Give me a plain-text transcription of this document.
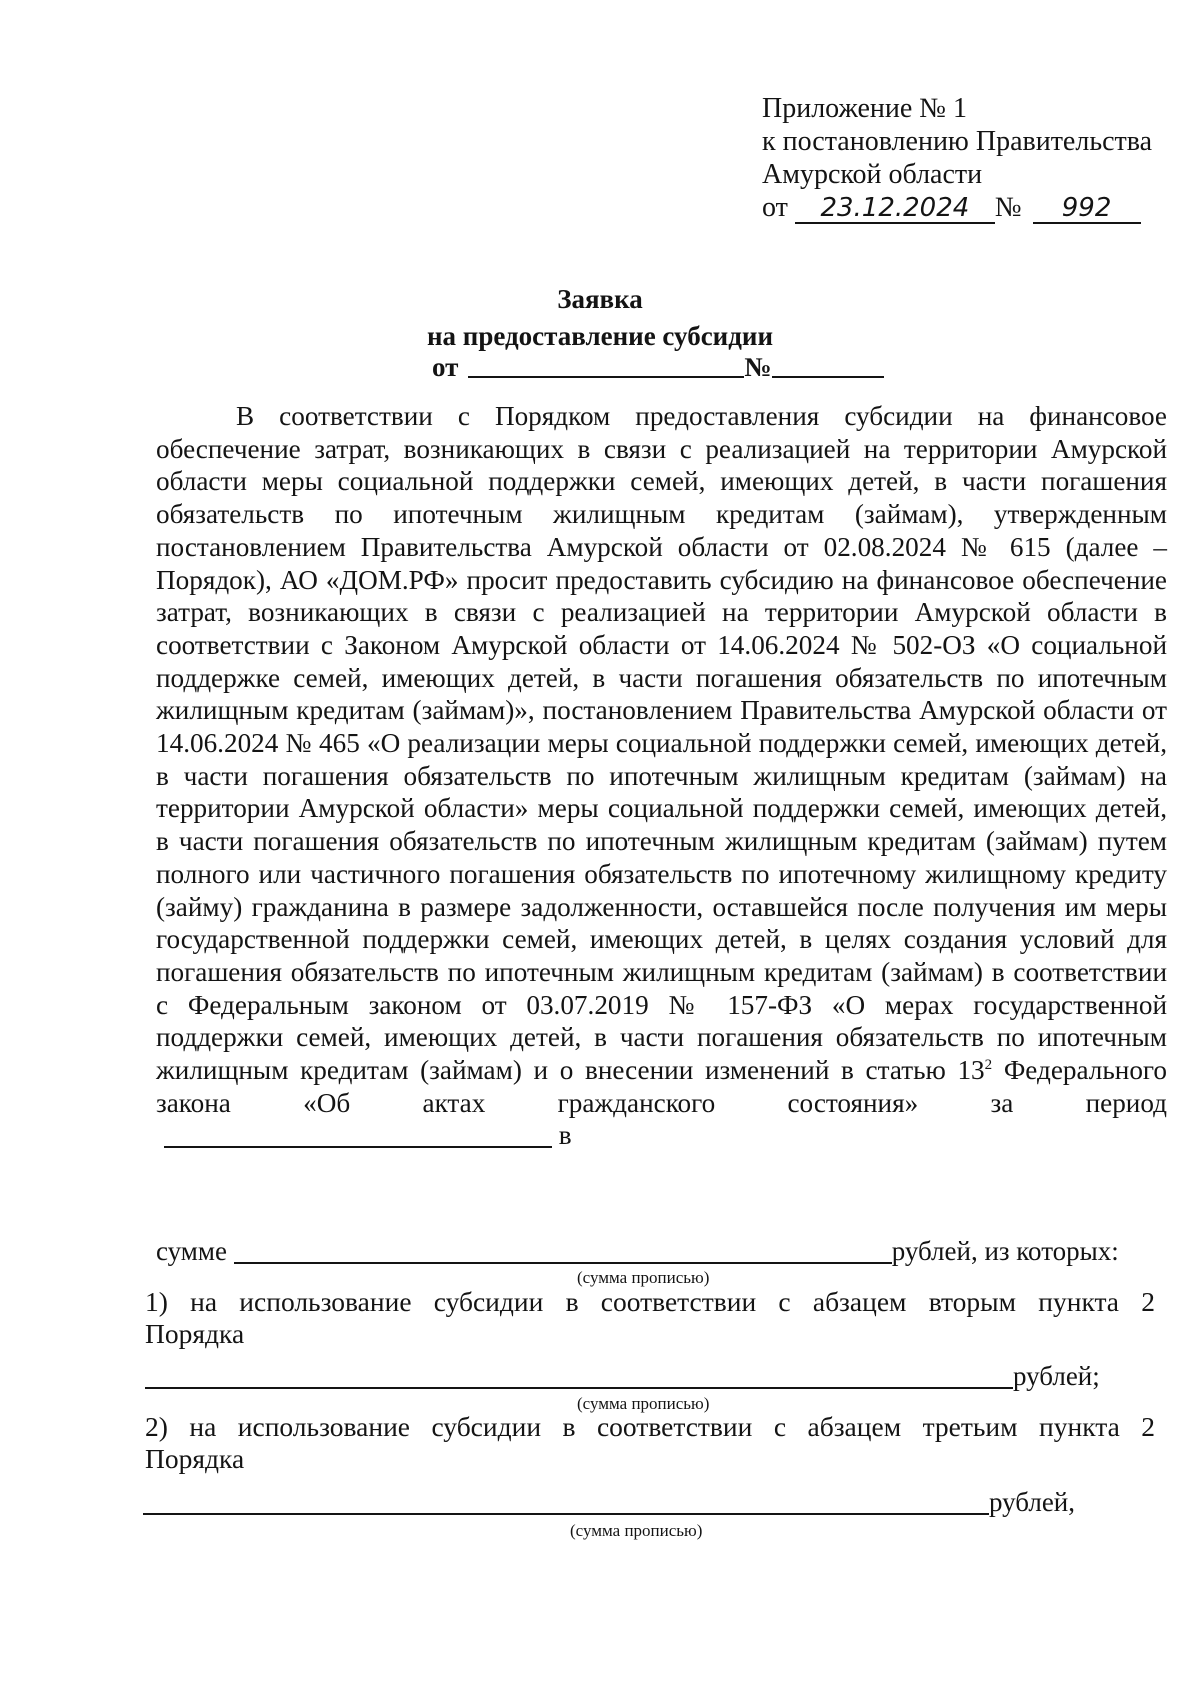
Приложение № 1
к постановлению Правительства
Амурской области
от 23.12.2024 № 992
Заявка
на предоставление субсидии
от	№
В соответствии с Порядком предоставления субсидии на финансовое обеспечение затрат, возникающих в связи с реализацией на территории Амурской области меры социальной поддержки семей, имеющих детей, в части погашения обязательств по ипотечным жилищным кредитам (займам), утвержденным постановлением Правительства Амурской области от 02.08.2024 № 615 (далее – Порядок), АО «ДОМ.РФ» просит предоставить субсидию на финансовое обеспечение затрат, возникающих в связи с реализацией на территории Амурской области в соответствии с Законом Амурской области от 14.06.2024 № 502-ОЗ «О социальной поддержке семей, имеющих детей, в части погашения обязательств по ипотечным жилищным кредитам (займам)», постановлением Правительства Амурской области от 14.06.2024 № 465 «О реализации меры социальной поддержки семей, имеющих детей, в части погашения обязательств по ипотечным жилищным кредитам (займам) на территории Амурской области» меры социальной поддержки семей, имеющих детей, в части погашения обязательств по ипотечным жилищным кредитам (займам) путем полного или частичного погашения обязательств по ипотечному жилищному кредиту (займу) гражданина в размере задолженности, оставшейся после получения им меры государственной поддержки семей, имеющих детей, в целях создания условий для погашения обязательств по ипотечным жилищным кредитам (займам) в соответствии с Федеральным законом от 03.07.2019 № 157-ФЗ «О мерах государственной поддержки семей, имеющих детей, в части погашения обязательств по ипотечным жилищным кредитам (займам) и о внесении изменений в статью $13^2$ Федерального закона «Об актах гражданского состояния» за период в
сумме	рублей, из которых:
(сумма прописью)
1) на использование субсидии в соответствии с абзацем вторым пункта 2
Порядка
рублей;
(сумма прописью)
2) на использование субсидии в соответствии с абзацем третьим пункта 2
Порядка
рублей,
(сумма прописью)
